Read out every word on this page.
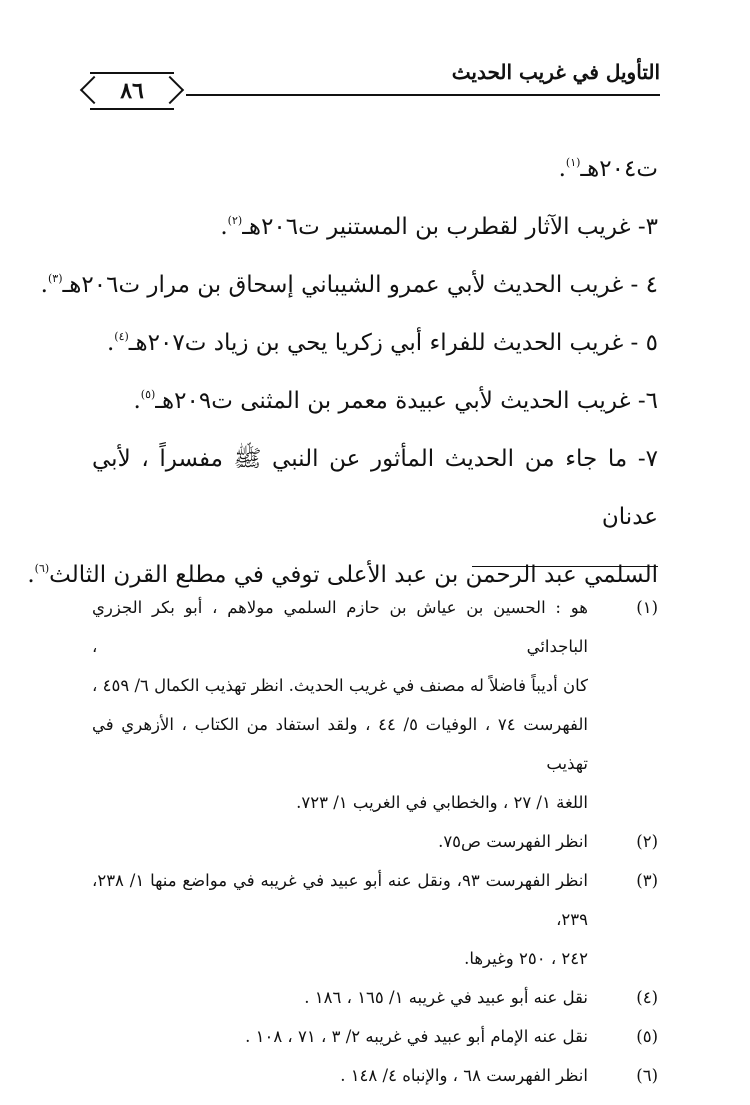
التأويل في غريب الحديث
٨٦
ت٢٠٤هـ$^{(١)}$.
٣- غريب الآثار لقطرب بن المستنير ت٢٠٦هـ$^{(٢)}$.
٤ - غريب الحديث لأبي عمرو الشيباني إسحاق بن مرار ت٢٠٦هـ$^{(٣)}$.
٥ - غريب الحديث للفراء أبي زكريا يحي بن زياد ت٢٠٧هـ$^{(٤)}$.
٦- غريب الحديث لأبي عبيدة معمر بن المثنى ت٢٠٩هـ$^{(٥)}$.
٧- ما جاء من الحديث المأثور عن النبي ﷺ مفسراً ، لأبي عدنان
السلمي عبد الرحمن بن عبد الأعلى توفي في مطلع القرن الثالث$^{(٦)}$.
(١)
هو : الحسين بن عياش بن حازم السلمي مولاهم ، أبو بكر الجزري الباجدائي ،
كان أديباً فاضلاً له مصنف في غريب الحديث. انظر تهذيب الكمال ٦/ ٤٥٩ ،
الفهرست ٧٤ ، الوفيات ٥/ ٤٤ ، ولقد استفاد من الكتاب ، الأزهري في تهذيب
اللغة ١/ ٢٧ ، والخطابي في الغريب ١/ ٧٢٣.
(٢)
انظر الفهرست ص٧٥.
(٣)
انظر الفهرست ٩٣، ونقل عنه أبو عبيد في غريبه في مواضع منها ١/ ٢٣٨، ٢٣٩،
٢٤٢ ، ٢٥٠ وغيرها.
(٤)
نقل عنه أبو عبيد في غريبه ١/ ١٦٥ ، ١٨٦ .
(٥)
نقل عنه الإمام أبو عبيد في غريبه ٢/ ٣ ، ٧١ ، ١٠٨ .
(٦)
انظر الفهرست ٦٨ ، والإنباه ٤/ ١٤٨ .
